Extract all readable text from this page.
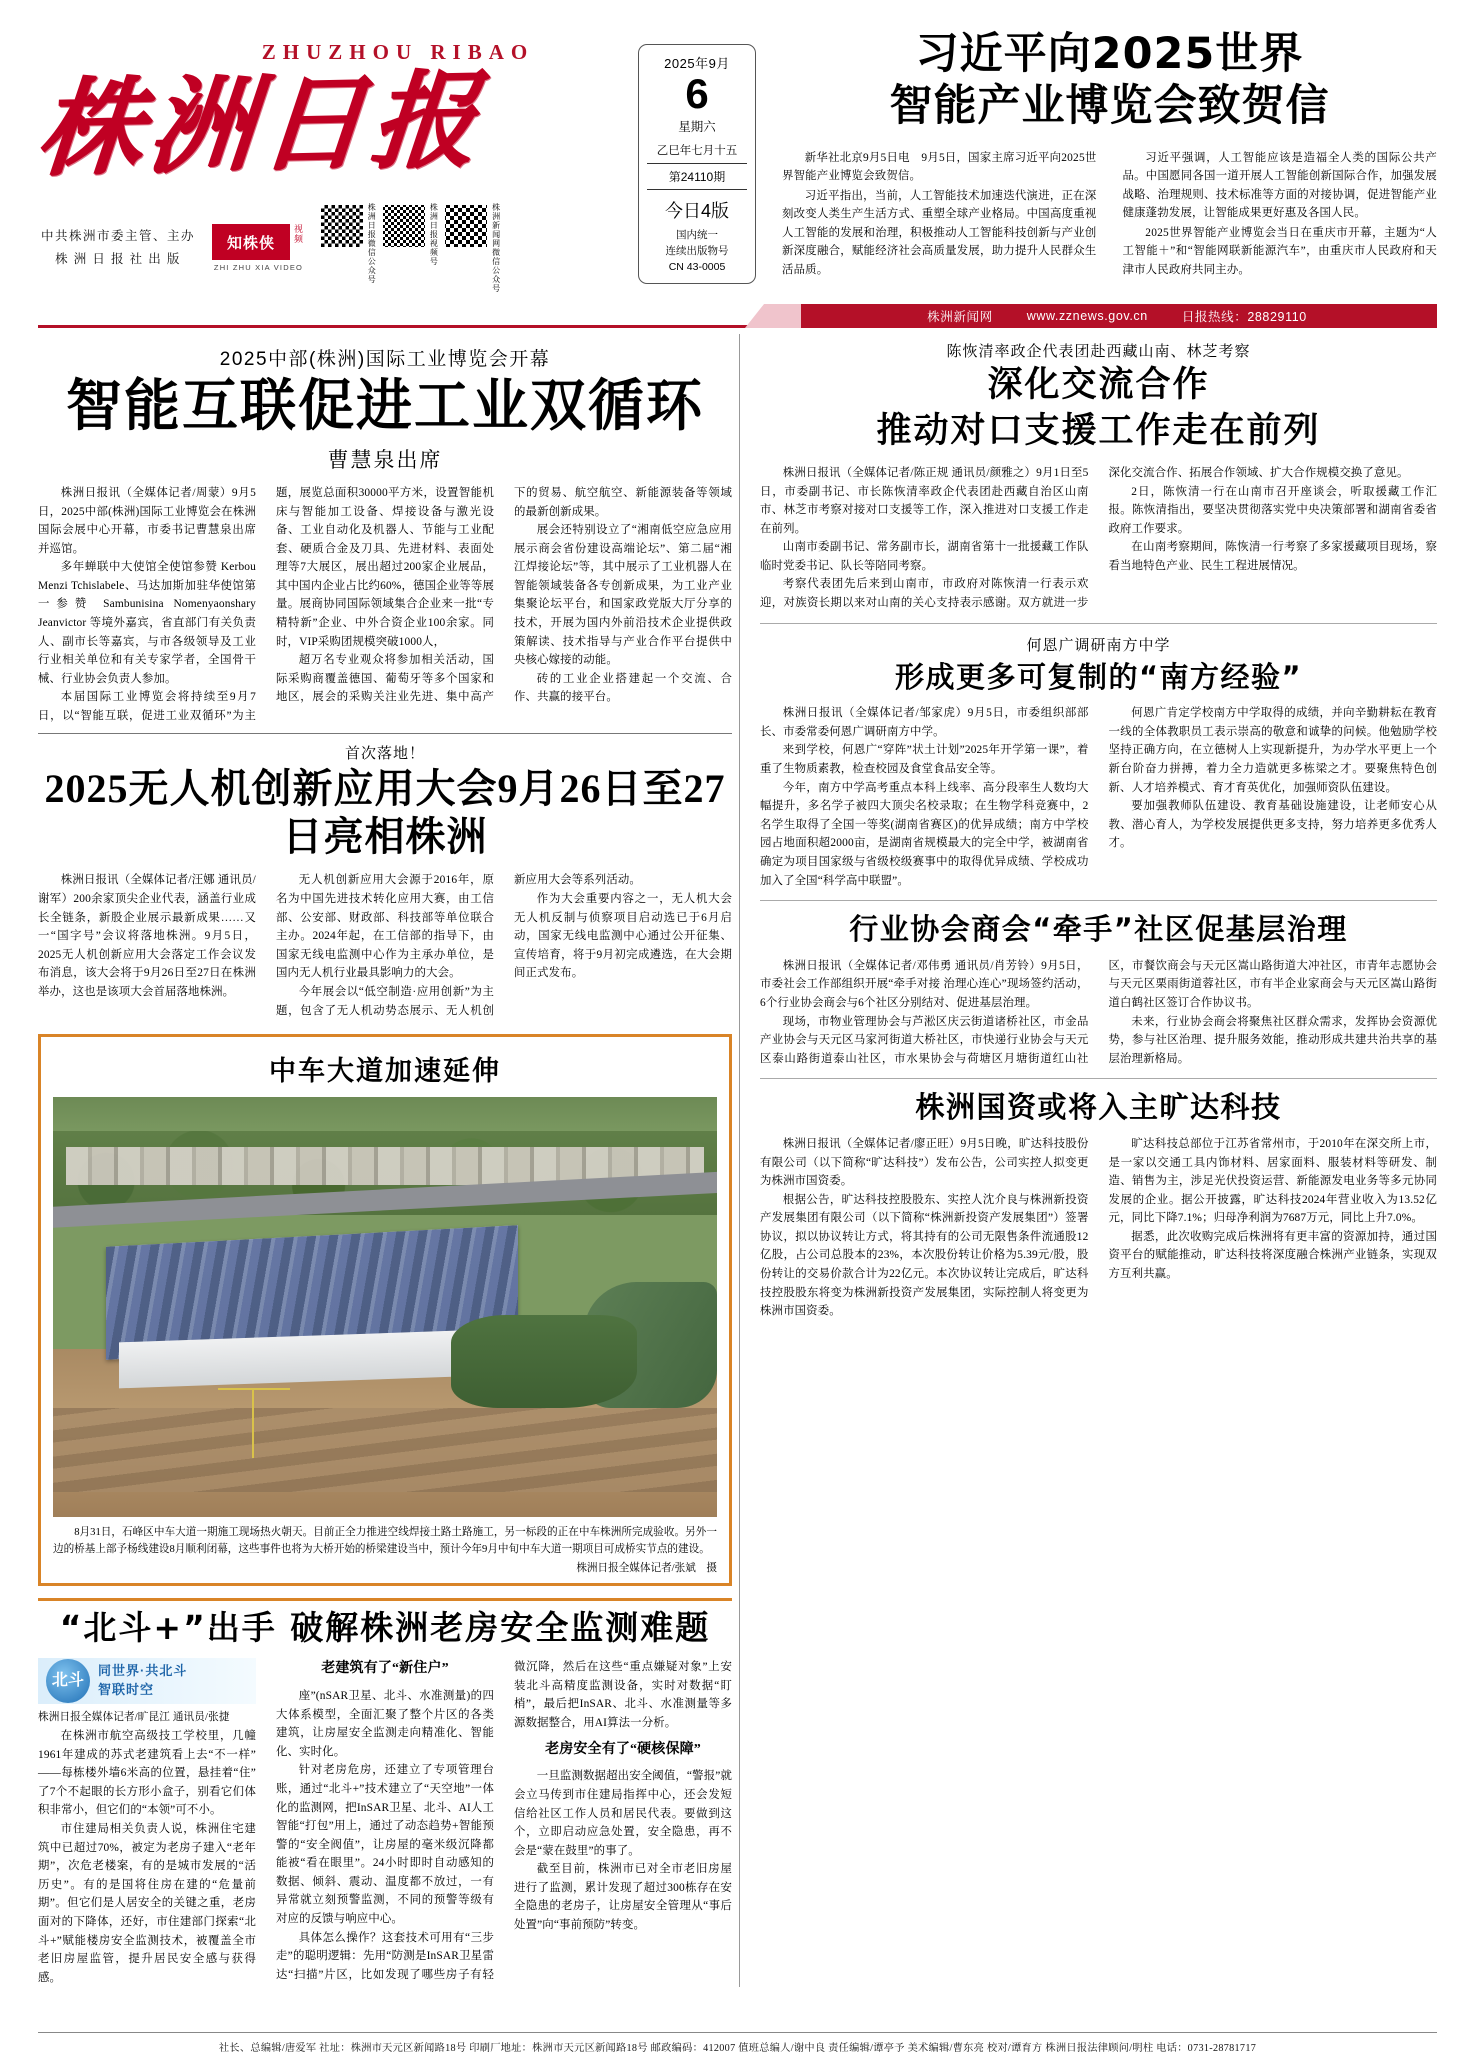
ZHUZHOU RIBAO
株洲日报
中共株洲市委主管、主办
株 洲 日 报 社 出 版
知株侠	视频
ZHI ZHU XIA VIDEO	株洲日报微信公众号	株洲日报视频号	株洲新闻网微信公众号
2025年9月
6
星期六
乙巳年七月十五
第24110期
今日4版
国内统一
连续出版物号
CN 43-0005
习近平向2025世界
智能产业博览会致贺信

新华社北京9月5日电　9月5日，国家主席习近平向2025世界智能产业博览会致贺信。

习近平指出，当前，人工智能技术加速迭代演进，正在深刻改变人类生产生活方式、重塑全球产业格局。中国高度重视人工智能的发展和治理，积极推动人工智能科技创新与产业创新深度融合，赋能经济社会高质量发展，助力提升人民群众生活品质。

习近平强调，人工智能应该是造福全人类的国际公共产品。中国愿同各国一道开展人工智能创新国际合作，加强发展战略、治理规则、技术标准等方面的对接协调，促进智能产业健康蓬勃发展，让智能成果更好惠及各国人民。

2025世界智能产业博览会当日在重庆市开幕，主题为“人工智能＋”和“智能网联新能源汽车”，由重庆市人民政府和天津市人民政府共同主办。

株洲新闻网	www.zznews.gov.cn	日报热线：28829110
2025中部(株洲)国际工业博览会开幕
智能互联促进工业双循环
曹慧泉出席

株洲日报讯（全媒体记者/周蒙）9月5日，2025中部(株洲)国际工业博览会在株洲国际会展中心开幕，市委书记曹慧泉出席并巡馆。

多年蝉联中大使馆全使馆参赞 Kerbou Menzi Tchislabele、马达加斯加驻华使馆第一参赞 Sambunisina Nomenyaonshary Jeanvictor 等境外嘉宾，省直部门有关负责人、副市长等嘉宾，与市各级领导及工业行业相关单位和有关专家学者，全国骨干械、行业协会负责人参加。

本届国际工业博览会将持续至9月7日，以“智能互联，促进工业双循环”为主题，展览总面积30000平方米，设置智能机床与智能加工设备、焊接设备与激光设备、工业自动化及机器人、节能与工业配套、硬质合金及刀具、先进材料、表面处理等7大展区，展出超过200家企业展品，其中国内企业占比约60%，德国企业等等展量。展商协同国际领域集合企业来一批“专精特新”企业、中外合资企业100余家。同时，VIP采购团规模突破1000人，

超万名专业观众将参加相关活动，国际采购商覆盖德国、葡萄牙等多个国家和地区，展会的采购关注业先进、集中高产下的贸易、航空航空、新能源装备等领域的最新创新成果。

展会还特别设立了“湘南低空应急应用展示商会省份建设高端论坛”、第二届“湘江焊接论坛”等，其中展示了工业机器人在智能领域装备各专创新成果，为工业产业集聚论坛平台，和国家政党版大厅分享的技术，开展为国内外前沿技术企业提供政策解读、技术指导与产业合作平台提供中央核心嫁接的动能。

砖的工业企业搭建起一个交流、合作、共赢的接平台。

首次落地！
2025无人机创新应用大会9月26日至27日亮相株洲

株洲日报讯（全媒体记者/汪娜 通讯员/谢军）200余家顶尖企业代表，涵盖行业成长全链条，新股企业展示最新成果……又一“国字号”会议将落地株洲。9月5日，2025无人机创新应用大会落定工作会议发布消息，该大会将于9月26日至27日在株洲举办，这也是该项大会首届落地株洲。

无人机创新应用大会源于2016年，原名为中国先进技术转化应用大赛，由工信部、公安部、财政部、科技部等单位联合主办。2024年起，在工信部的指导下，由国家无线电监测中心作为主承办单位，是国内无人机行业最具影响力的大会。

今年展会以“低空制造·应用创新”为主题，包含了无人机动势态展示、无人机创新应用大会等系列活动。

作为大会重要内容之一，无人机大会无人机反制与侦察项目启动选已于6月启动，国家无线电监测中心通过公开征集、宣传培育，将于9月初完成遴选，在大会期间正式发布。

中车大道加速延伸
8月31日，石峰区中车大道一期施工现场热火朝天。目前正全力推进空线焊接土路土路施工，另一标段的正在中车株洲所完成验收。另外一边的桥基上部予杨线建设8月顺利闭幕，这些事件也将为大桥开始的桥梁建设当中，预计今年9月中旬中车大道一期项目可成桥实节点的建设。
株洲日报全媒体记者/张斌　摄
“北斗+”出手 破解株洲老房安全监测难题
北斗
同世界·共北斗
智联时空
株洲日报全媒体记者/旷昆江 通讯员/张捷

在株洲市航空高级技工学校里，几幢1961年建成的苏式老建筑看上去“不一样”——每栋楼外墙6米高的位置，悬挂着“住”了7个不起眼的长方形小盒子，别看它们体积非常小，但它们的“本领”可不小。

市住建局相关负责人说，株洲住宅建筑中已超过70%，被定为老房子建入“老年期”，次危老楼案，有的是城市发展的“活历史”。有的是国将住房在建的“危量前期”。但它们是人居安全的关键之重，老房面对的下降体，还好，市住建部门探索“北斗+”赋能楼房安全监测技术，被覆盖全市老旧房屋监管，提升居民安全感与获得感。

老建筑有了“新住户”

座”(nSAR卫星、北斗、水准测量)的四大体系模型，全面汇聚了整个片区的各类建筑，让房屋安全监测走向精准化、智能化、实时化。

针对老房危房，还建立了专项管理台账，通过“北斗+”技术建立了“天空地”一体化的监测网，把InSAR卫星、北斗、AI人工智能“打包”用上，通过了动态趋势+智能预警的“安全阀值”，让房屋的毫米级沉降都能被“看在眼里”。24小时即时自动感知的数据、倾斜、震动、温度都不放过，一有异常就立刻预警监测，不同的预警等级有对应的反馈与响应中心。

具体怎么操作？这套技术可用有“三步走”的聪明逻辑：先用“防测是InSAR卫星雷达“扫描”片区，比如发现了哪些房子有轻微沉降，然后在这些“重点嫌疑对象”上安装北斗高精度监测设备，实时对数据“盯梢”，最后把InSAR、北斗、水准测量等多源数据整合，用AI算法一分析。

老房安全有了“硬核保障”

一旦监测数据超出安全阈值，“警报”就会立马传到市住建局指挥中心，还会发短信给社区工作人员和居民代表。要做到这个，立即启动应急处置，安全隐患，再不会是“蒙在鼓里”的事了。

截至目前，株洲市已对全市老旧房屋进行了监测，累计发现了超过300栋存在安全隐患的老房子，让房屋安全管理从“事后处置”向“事前预防”转变。

陈恢清率政企代表团赴西藏山南、林芝考察
深化交流合作
推动对口支援工作走在前列

株洲日报讯（全媒体记者/陈正规 通讯员/颜雅之）9月1日至5日，市委副书记、市长陈恢清率政企代表团赴西藏自治区山南市、林芝市考察对接对口支援等工作，深入推进对口支援工作走在前列。

山南市委副书记、常务副市长，湖南省第十一批援藏工作队临时党委书记、队长等陪同考察。

考察代表团先后来到山南市，市政府对陈恢清一行表示欢迎，对族资长期以来对山南的关心支持表示感谢。双方就进一步深化交流合作、拓展合作领域、扩大合作规模交换了意见。

2日，陈恢清一行在山南市召开座谈会，听取援藏工作汇报。陈恢清指出，要坚决贯彻落实党中央决策部署和湖南省委省政府工作要求。

在山南考察期间，陈恢清一行考察了多家援藏项目现场，察看当地特色产业、民生工程进展情况。

何恩广调研南方中学
形成更多可复制的“南方经验”

株洲日报讯（全媒体记者/邹家虎）9月5日，市委组织部部长、市委常委何恩广调研南方中学。

来到学校，何恩广“穿阵”状土计划”2025年开学第一课”，着重了生物质素教，检查校园及食堂食品安全等。

今年，南方中学高考重点本科上线率、高分段率生人数均大幅提升，多名学子被四大顶尖名校录取；在生物学科竞赛中，2名学生取得了全国一等奖(湖南省赛区)的优异成绩；南方中学校园占地面积超2000亩，是湖南省规模最大的完全中学，被湖南省确定为项目国家级与省级校级赛事中的取得优异成绩、学校成功加入了全国“科学高中联盟”。

何恩广肯定学校南方中学取得的成绩，并向辛勤耕耘在教育一线的全体教职员工表示崇高的敬意和诚挚的问候。他勉励学校坚持正确方向，在立德树人上实现新提升，为办学水平更上一个新台阶奋力拼搏，着力全力造就更多栋梁之才。要聚焦特色创新、人才培养模式、育才育英优化，加强师资队伍建设。

要加强教师队伍建设、教育基础设施建设，让老师安心从教、潜心育人，为学校发展提供更多支持，努力培养更多优秀人才。

行业协会商会“牵手”社区促基层治理

株洲日报讯（全媒体记者/邓伟勇 通讯员/肖芳铃）9月5日，市委社会工作部组织开展“牵手对接 治理心连心”现场签约活动，6个行业协会商会与6个社区分别结对、促进基层治理。

现场，市物业管理协会与芦淞区庆云街道诸桥社区，市金品产业协会与天元区马家河街道大桥社区，市快递行业协会与天元区泰山路街道泰山社区，市水果协会与荷塘区月塘街道红山社区，市餐饮商会与天元区嵩山路街道大冲社区，市青年志愿协会与天元区栗雨街道蓉社区，市有半企业家商会与天元区嵩山路街道白鹤社区签订合作协议书。

未来，行业协会商会将聚焦社区群众需求，发挥协会资源优势，参与社区治理、提升服务效能，推动形成共建共治共享的基层治理新格局。

株洲国资或将入主旷达科技

株洲日报讯（全媒体记者/廖正旺）9月5日晚，旷达科技股份有限公司（以下简称“旷达科技”）发布公告，公司实控人拟变更为株洲市国资委。

根据公告，旷达科技控股股东、实控人沈介良与株洲新投资产发展集团有限公司（以下简称“株洲新投资产发展集团”）签署协议，拟以协议转让方式，将其持有的公司无限售条件流通股12亿股，占公司总股本的23%，本次股份转让价格为5.39元/股，股份转让的交易价款合计为22亿元。本次协议转让完成后，旷达科技控股股东将变为株洲新投资产发展集团，实际控制人将变更为株洲市国资委。

旷达科技总部位于江苏省常州市，于2010年在深交所上市，是一家以交通工具内饰材料、居家面料、服装材料等研发、制造、销售为主，涉足光伏投资运营、新能源发电业务等多元协同发展的企业。据公开披露，旷达科技2024年营业收入为13.52亿元，同比下降7.1%；归母净利润为7687万元，同比上升7.0%。

据悉，此次收购完成后株洲将有更丰富的资源加持，通过国资平台的赋能推动，旷达科技将深度融合株洲产业链条，实现双方互利共赢。

社长、总编辑/唐爱军 社址：株洲市天元区新闻路18号 印刷厂地址：株洲市天元区新闻路18号 邮政编码：412007 值班总编人/谢中良 责任编辑/谭亭予 美术编辑/曹东亮 校对/谭育方 株洲日报法律顾问/明柱 电话：0731-28781717
